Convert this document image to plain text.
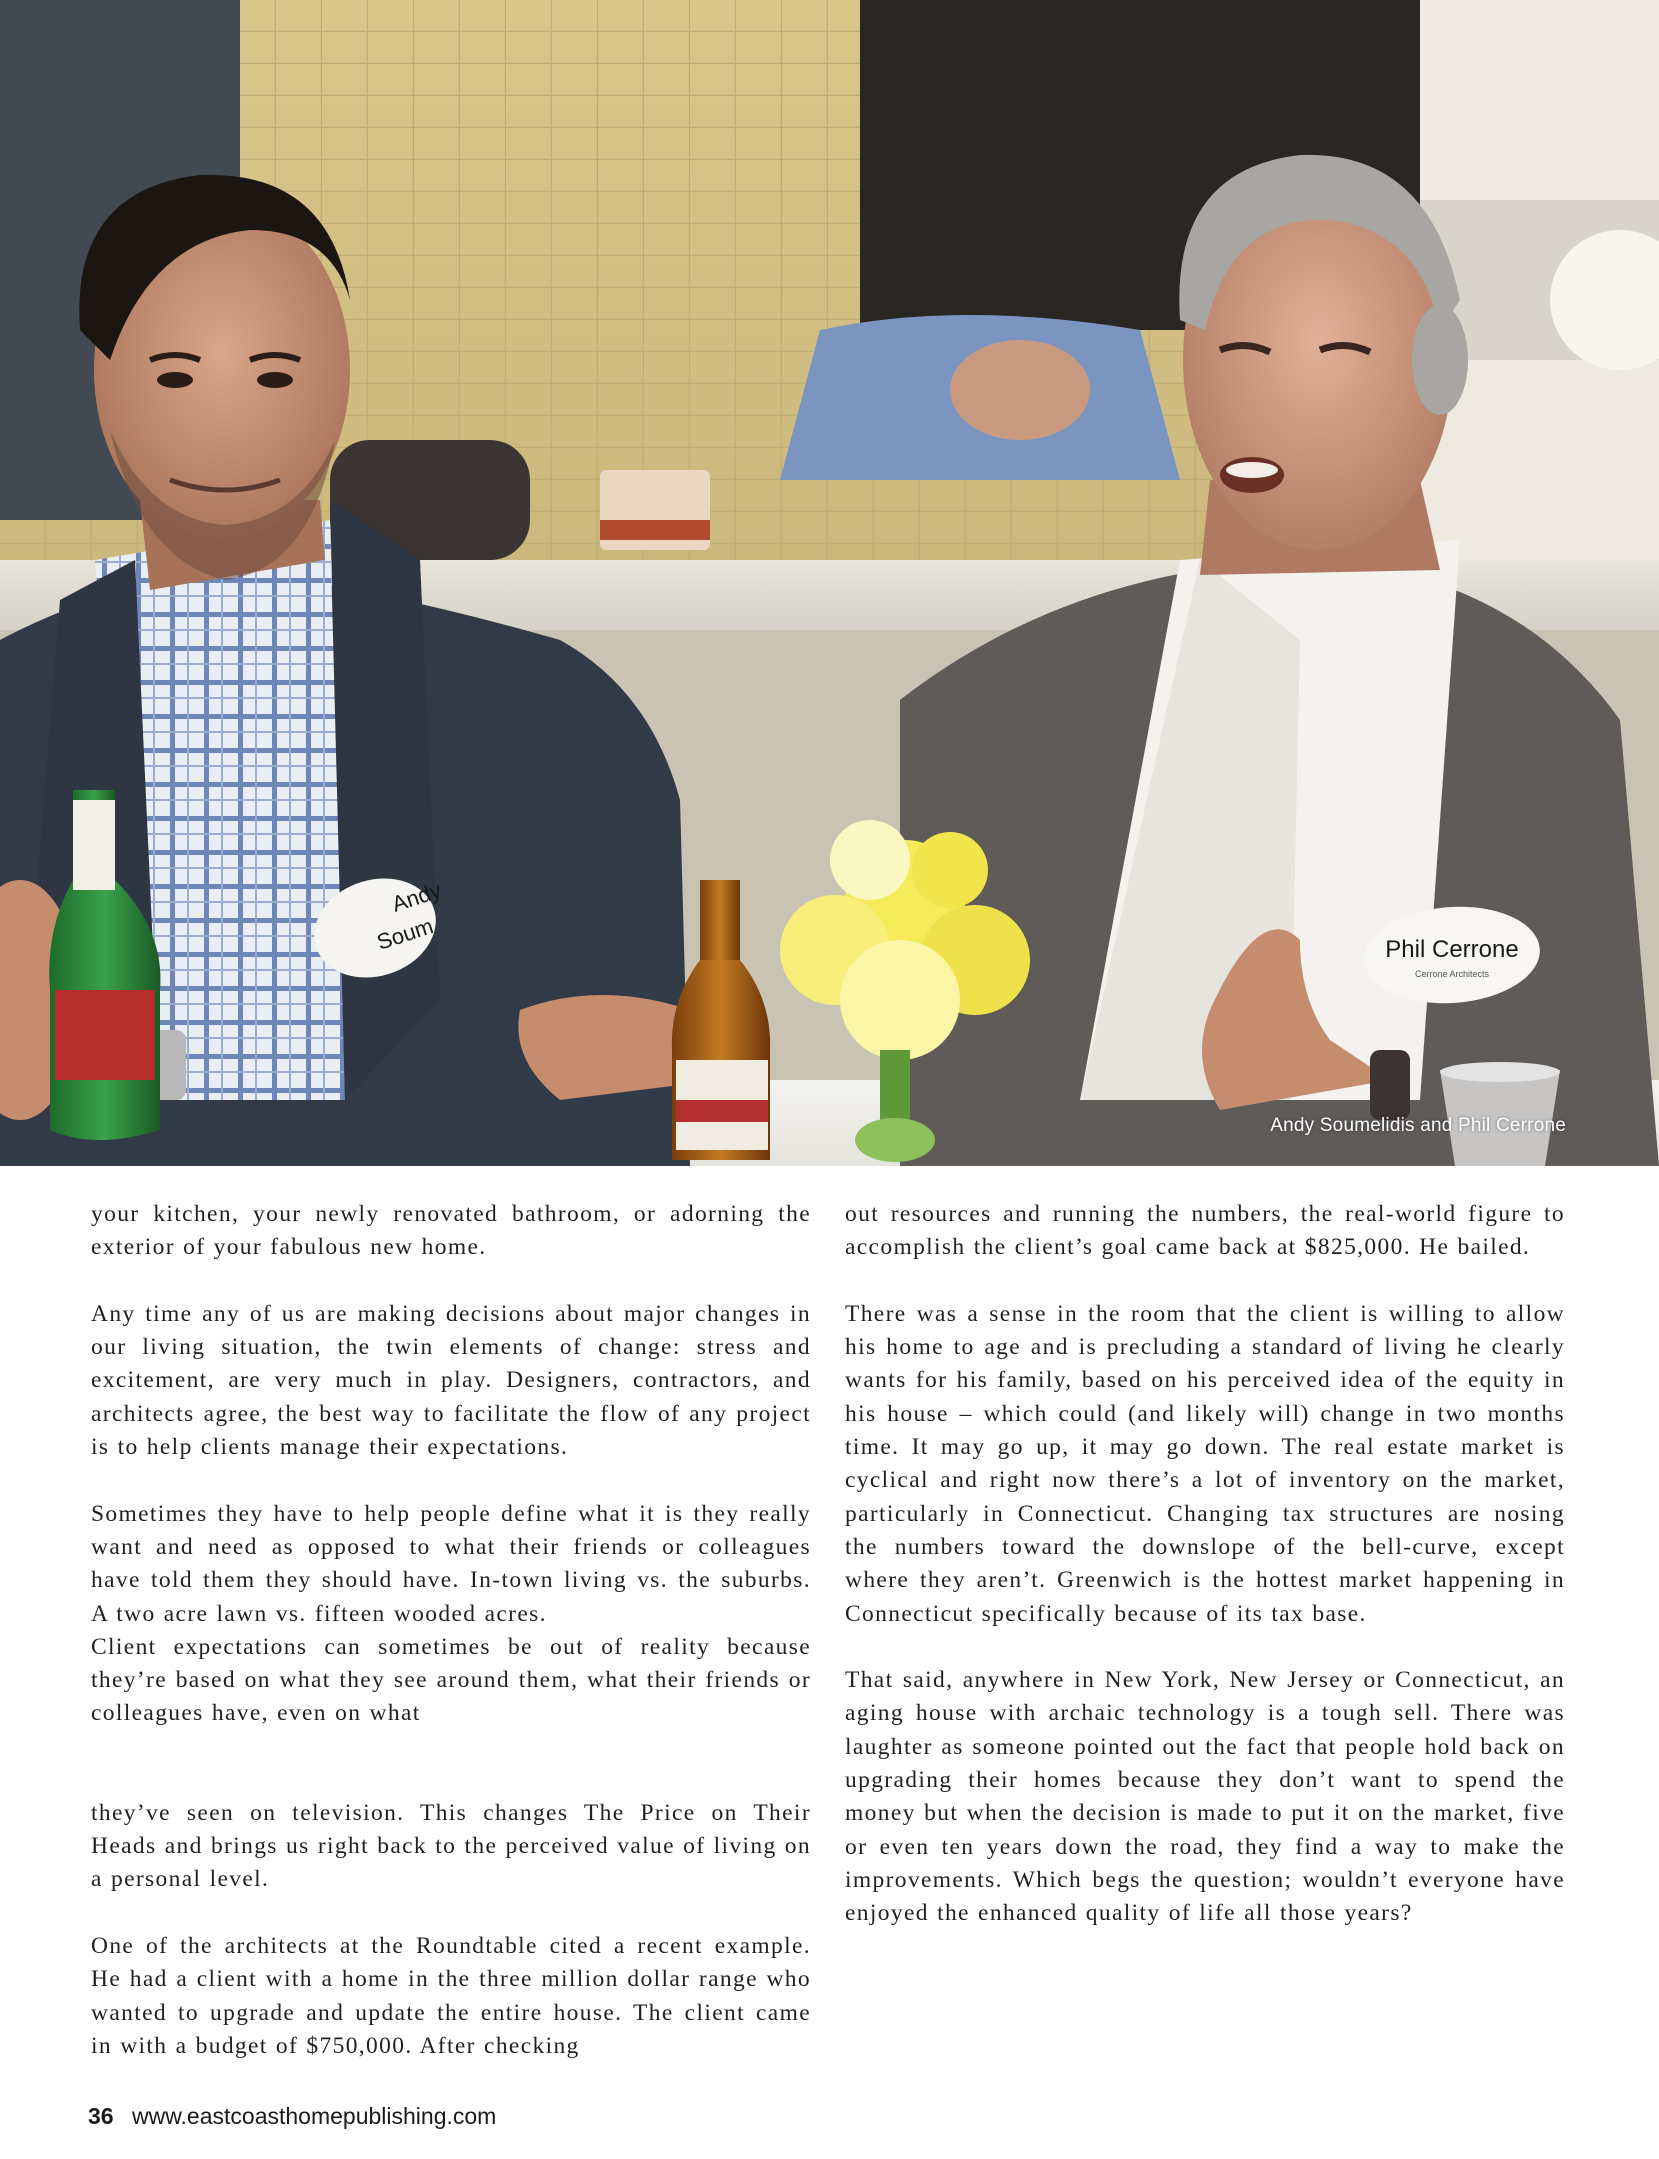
Andy
Soum	Phil Cerrone
Cerrone Architects
Andy Soumelidis and Phil Cerrone

your kitchen, your newly renovated bathroom, or adorning the exterior of your fabulous new home.

Any time any of us are making decisions about major changes in our living situation, the twin elements of change: stress and excitement, are very much in play. Designers, contractors, and architects agree, the best way to facilitate the flow of any project is to help clients manage their expectations.

Sometimes they have to help people define what it is they really want and need as opposed to what their friends or colleagues have told them they should have. In-town living vs. the suburbs. A two acre lawn vs. fifteen wooded acres.

Client expectations can sometimes be out of reality because they’re based on what they see around them, what their friends or colleagues have, even on what

they’ve seen on television. This changes The Price on Their Heads and brings us right back to the perceived value of living on a personal level.

One of the architects at the Roundtable cited a recent example. He had a client with a home in the three million dollar range who wanted to upgrade and update the entire house. The client came in with a budget of $750,000. After checking

out resources and running the numbers, the real-world figure to accomplish the client’s goal came back at $825,000. He bailed.

There was a sense in the room that the client is willing to allow his home to age and is precluding a standard of living he clearly wants for his family, based on his perceived idea of the equity in his house – which could (and likely will) change in two months time. It may go up, it may go down. The real estate market is cyclical and right now there’s a lot of inventory on the market, particularly in Connecticut. Changing tax structures are nosing the numbers toward the downslope of the bell-curve, except where they aren’t. Greenwich is the hottest market happening in Connecticut specifically because of its tax base.

That said, anywhere in New York, New Jersey or Connecticut, an aging house with archaic technology is a tough sell. There was laughter as someone pointed out the fact that people hold back on upgrading their homes because they don’t want to spend the money but when the decision is made to put it on the market, five or even ten years down the road, they find a way to make the improvements. Which begs the question; wouldn’t everyone have enjoyed the enhanced quality of life all those years?

36 www.eastcoasthomepublishing.com
